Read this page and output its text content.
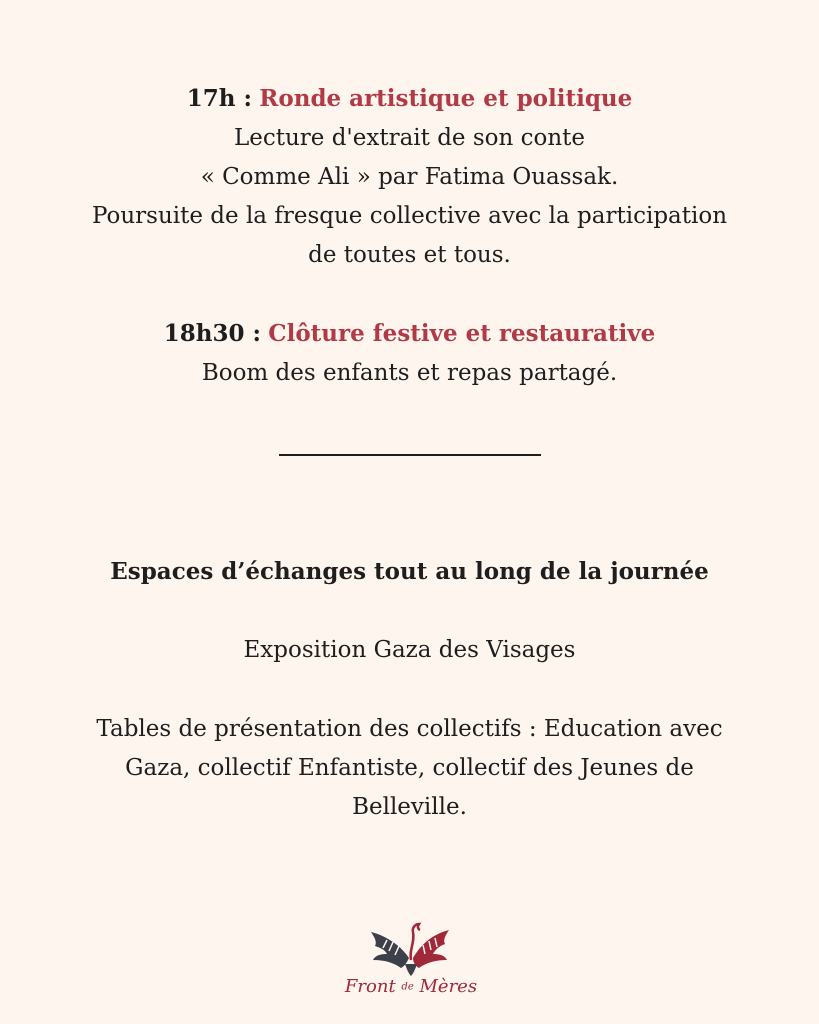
17h : Ronde artistique et politique
Lecture d'extrait de son conte
« Comme Ali » par Fatima Ouassak.
Poursuite de la fresque collective avec la participation
de toutes et tous.
18h30 : Clôture festive et restaurative
Boom des enfants et repas partagé.
Espaces d’échanges tout au long de la journée
Exposition Gaza des Visages
Tables de présentation des collectifs : Education avec
Gaza, collectif Enfantiste, collectif des Jeunes de
Belleville.
Front de Mères
